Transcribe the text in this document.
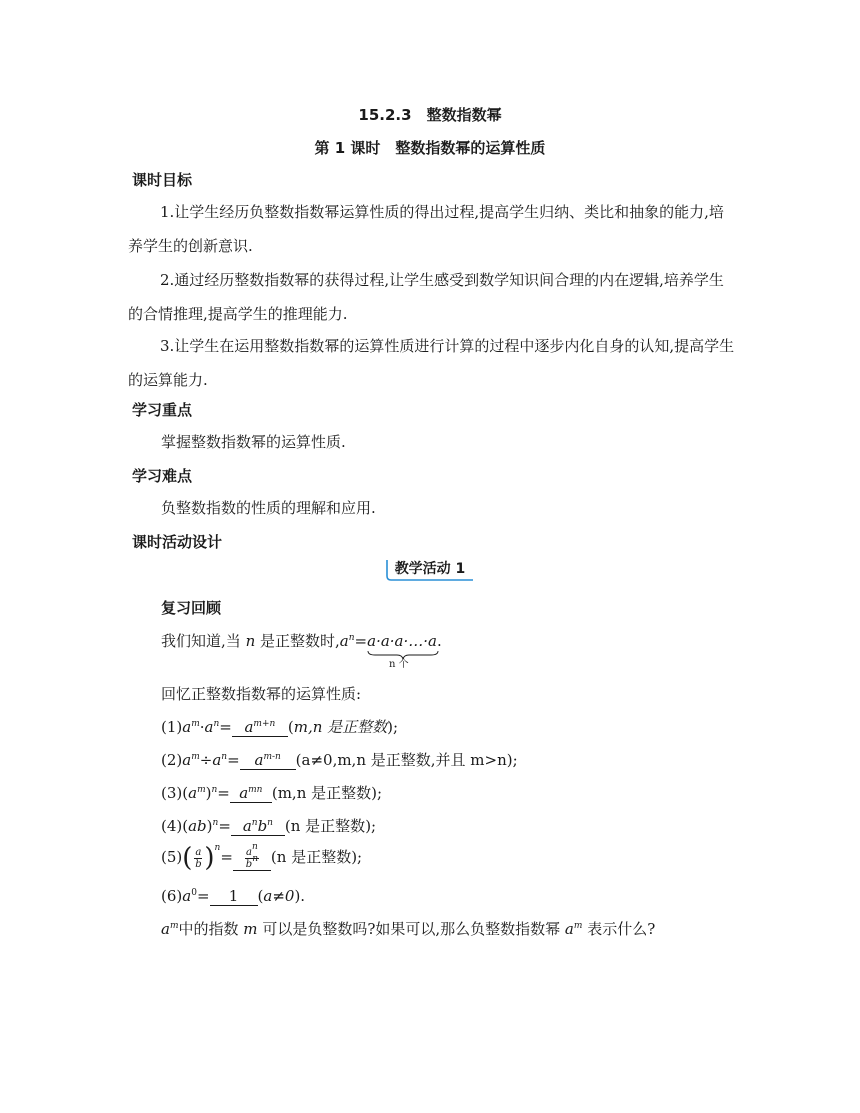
15.2.3　整数指数幂
第 1 课时　整数指数幂的运算性质
课时目标
1.让学生经历负整数指数幂运算性质的得出过程,提高学生归纳、类比和抽象的能力,培养学生的创新意识.
2.通过经历整数指数幂的获得过程,让学生感受到数学知识间合理的内在逻辑,培养学生的合情推理,提高学生的推理能力.
3.让学生在运用整数指数幂的运算性质进行计算的过程中逐步内化自身的认知,提高学生的运算能力.
学习重点
掌握整数指数幂的运算性质.
学习难点
负整数指数的性质的理解和应用.
课时活动设计
教学活动 1
复习回顾
我们知道,当 n 是正整数时$,a^n=a\cdot a\cdot a\cdot\dots\cdot a$
.
n 个
回忆正整数指数幂的运算性质:
$(1)a^m\cdot a^n= a^{m+n}$ (m,n 是正整数);
$(2)a^m\div a^n= a^{m-n}$ (a≠0,m,n 是正整数,并且 m>n);
$(3)(a^m)^n= a^{mn}$ (m,n 是正整数);
$(4)(ab)^n= a^nb^n$ (n 是正整数);
$(5)( \frac{a}{b} )^n= \frac{a^n}{b^n} (n$ 是正整数);
$(6)a^0= 1$ (a≠0).
$a^m$中的指数 m 可以是负整数吗?如果可以,那么负整数指数幂 $a^m$ 表示什么?
